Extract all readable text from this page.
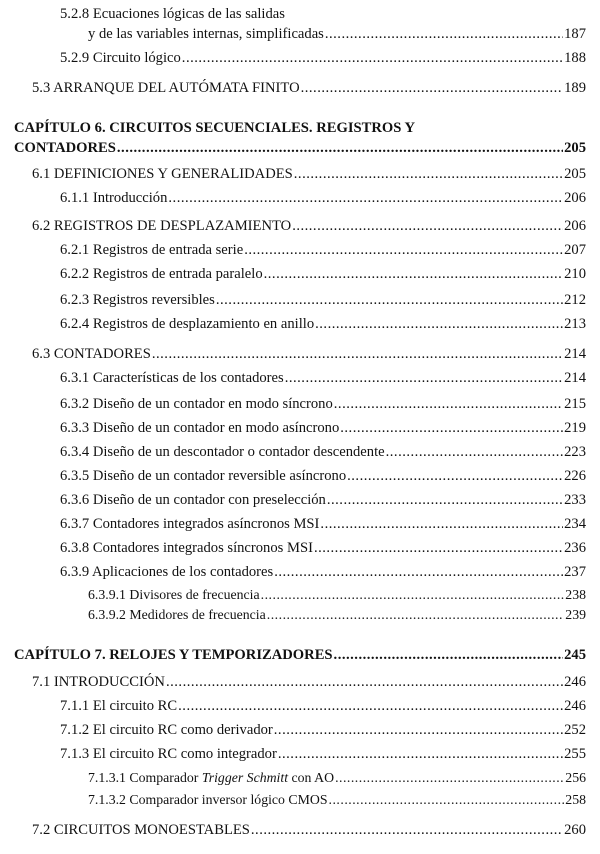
5.2.8 Ecuaciones lógicas de las salidas
y de las variables internas, simplificadas .....	187
5.2.9 Circuito lógico .....	188
5.3 ARRANQUE DEL AUTÓMATA FINITO .....	189
CAPÍTULO 6. CIRCUITOS SECUENCIALES. REGISTROS Y
CONTADORES .....	205
6.1 DEFINICIONES Y GENERALIDADES .....	205
6.1.1 Introducción .....	206
6.2 REGISTROS DE DESPLAZAMIENTO .....	206
6.2.1 Registros de entrada serie .....	207
6.2.2 Registros de entrada paralelo .....	210
6.2.3 Registros reversibles .....	212
6.2.4 Registros de desplazamiento en anillo .....	213
6.3 CONTADORES .....	214
6.3.1 Características de los contadores .....	214
6.3.2 Diseño de un contador en modo síncrono .....	215
6.3.3 Diseño de un contador en modo asíncrono .....	219
6.3.4 Diseño de un descontador o contador descendente .....	223
6.3.5 Diseño de un contador reversible asíncrono .....	226
6.3.6 Diseño de un contador con preselección .....	233
6.3.7 Contadores integrados asíncronos MSI .....	234
6.3.8 Contadores integrados síncronos MSI .....	236
6.3.9 Aplicaciones de los contadores .....	237
6.3.9.1 Divisores de frecuencia .....	238
6.3.9.2 Medidores de frecuencia .....	239
CAPÍTULO 7. RELOJES Y TEMPORIZADORES .....	245
7.1 INTRODUCCIÓN .....	246
7.1.1 El circuito RC .....	246
7.1.2 El circuito RC como derivador .....	252
7.1.3 El circuito RC como integrador .....	255
7.1.3.1 Comparador Trigger Schmitt con AO .....	256
7.1.3.2 Comparador inversor lógico CMOS .....	258
7.2 CIRCUITOS MONOESTABLES .....	260
